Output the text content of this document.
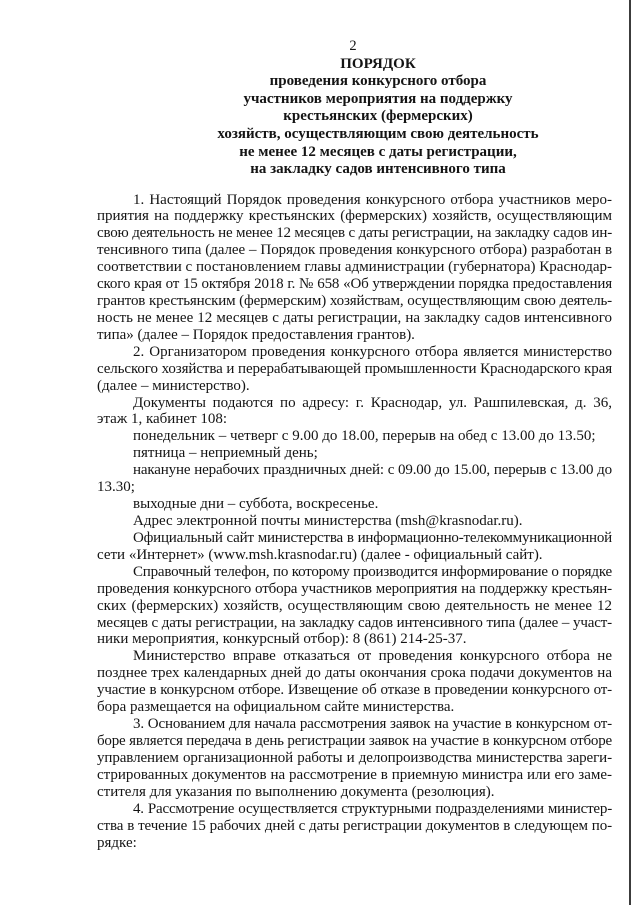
2
ПОРЯДОК
проведения конкурсного отбора
участников мероприятия на поддержку
крестьянских (фермерских)
хозяйств, осуществляющим свою деятельность
не менее 12 месяцев с даты регистрации,
на закладку садов интенсивного типа
1. Настоящий Порядок проведения конкурсного отбора участников меро-
приятия на поддержку крестьянских (фермерских) хозяйств, осуществляющим
свою деятельность не менее 12 месяцев с даты регистрации, на закладку садов ин-
тенсивного типа (далее – Порядок проведения конкурсного отбора) разработан в
соответствии с постановлением главы администрации (губернатора) Краснодар-
ского края от 15 октября 2018 г. № 658 «Об утверждении порядка предоставления
грантов крестьянским (фермерским) хозяйствам, осуществляющим свою деятель-
ность не менее 12 месяцев с даты регистрации, на закладку садов интенсивного
типа» (далее – Порядок предоставления грантов).
2. Организатором проведения конкурсного отбора является министерство
сельского хозяйства и перерабатывающей промышленности Краснодарского края
(далее – министерство).
Документы подаются по адресу: г. Краснодар, ул. Рашпилевская, д. 36,
этаж 1, кабинет 108:
понедельник – четверг с 9.00 до 18.00, перерыв на обед с 13.00 до 13.50;
пятница – неприемный день;
накануне нерабочих праздничных дней: с 09.00 до 15.00, перерыв с 13.00 до
13.30;
выходные дни – суббота, воскресенье.
Адрес электронной почты министерства (msh@krasnodar.ru).
Официальный сайт министерства в информационно-телекоммуникационной
сети «Интернет» (www.msh.krasnodar.ru) (далее - официальный сайт).
Справочный телефон, по которому производится информирование о порядке
проведения конкурсного отбора участников мероприятия на поддержку крестьян-
ских (фермерских) хозяйств, осуществляющим свою деятельность не менее 12
месяцев с даты регистрации, на закладку садов интенсивного типа (далее – участ-
ники мероприятия, конкурсный отбор): 8 (861) 214-25-37.
Министерство вправе отказаться от проведения конкурсного отбора не
позднее трех календарных дней до даты окончания срока подачи документов на
участие в конкурсном отборе. Извещение об отказе в проведении конкурсного от-
бора размещается на официальном сайте министерства.
3. Основанием для начала рассмотрения заявок на участие в конкурсном от-
боре является передача в день регистрации заявок на участие в конкурсном отборе
управлением организационной работы и делопроизводства министерства зареги-
стрированных документов на рассмотрение в приемную министра или его заме-
стителя для указания по выполнению документа (резолюция).
4. Рассмотрение осуществляется структурными подразделениями министер-
ства в течение 15 рабочих дней с даты регистрации документов в следующем по-
рядке:
